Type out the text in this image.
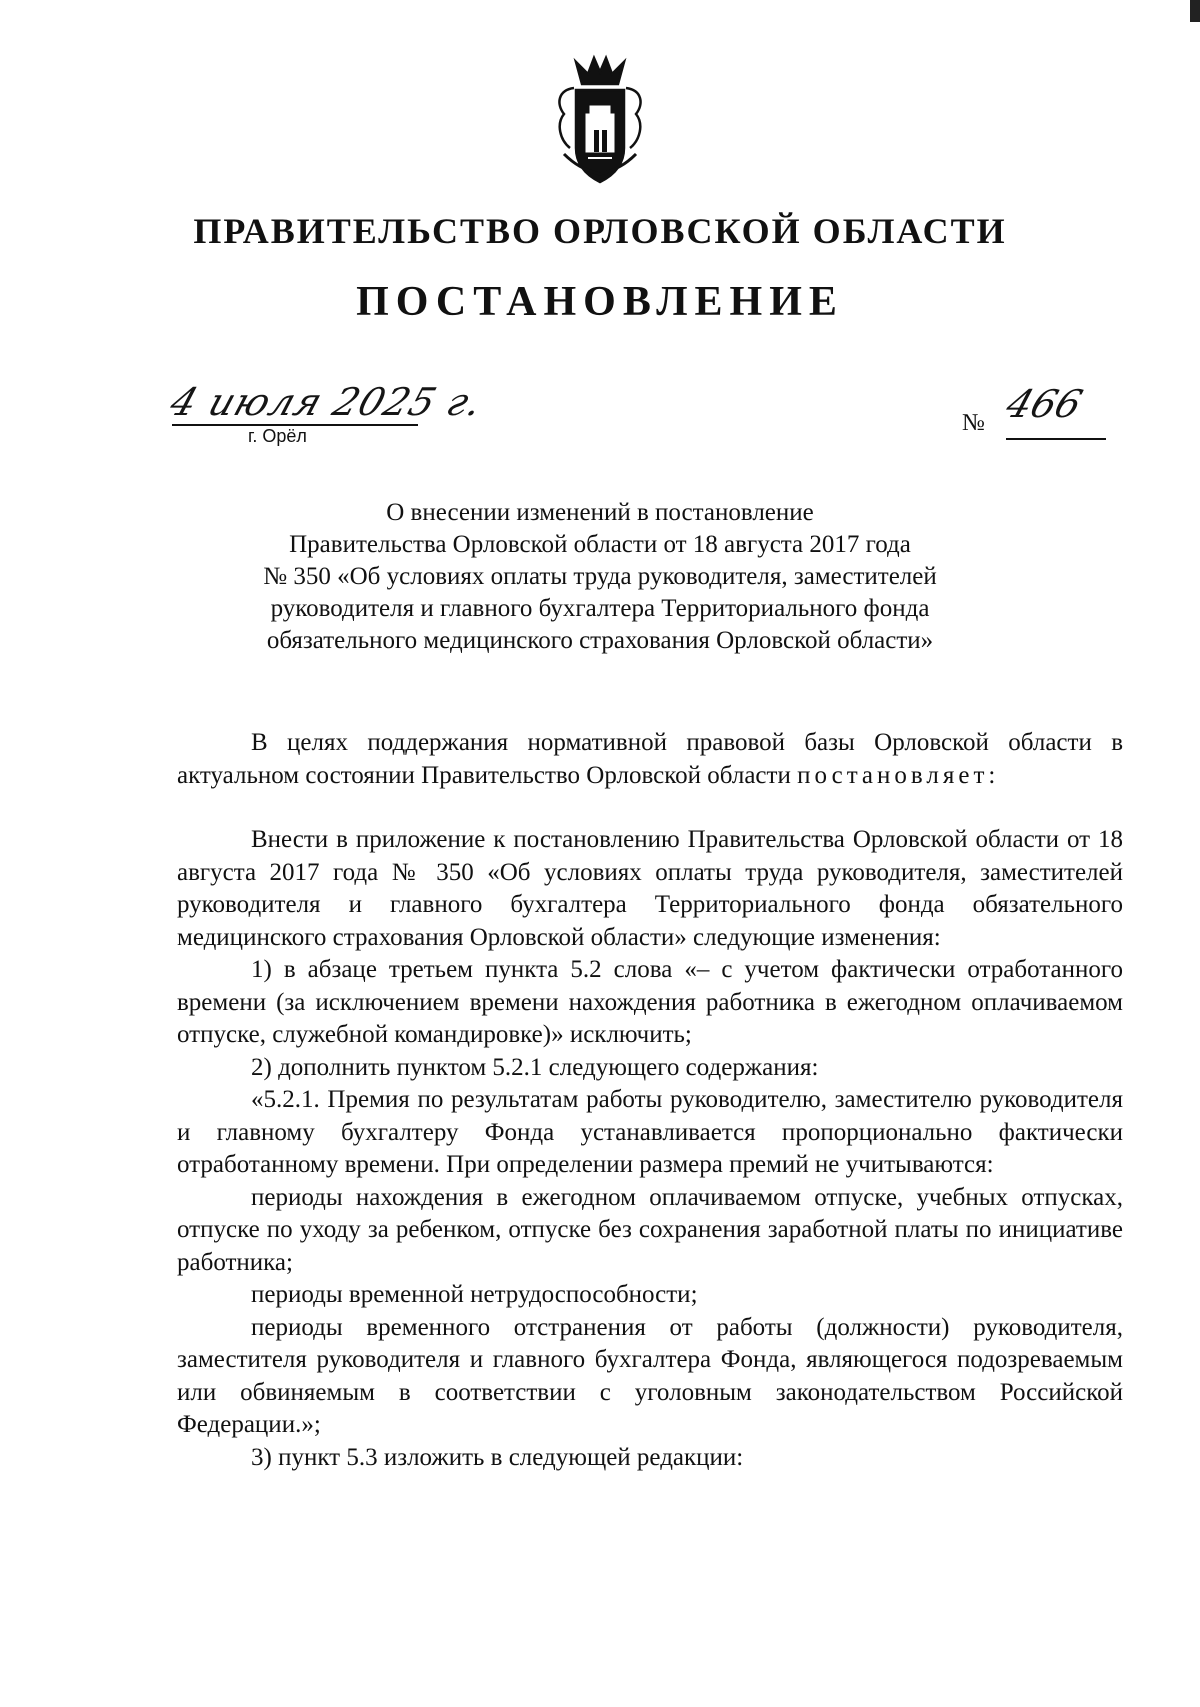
ПРАВИТЕЛЬСТВО ОРЛОВСКОЙ ОБЛАСТИ
ПОСТАНОВЛЕНИЕ
4 июля 2025 г.
г. Орёл	№ 466
О внесении изменений в постановление
Правительства Орловской области от 18 августа 2017 года
№ 350 «Об условиях оплаты труда руководителя, заместителей
руководителя и главного бухгалтера Территориального фонда
обязательного медицинского страхования Орловской области»

В целях поддержания нормативной правовой базы Орловской области в актуальном состоянии Правительство Орловской области постановляет:

Внести в приложение к постановлению Правительства Орловской области от 18 августа 2017 года № 350 «Об условиях оплаты труда руководителя, заместителей руководителя и главного бухгалтера Территориального фонда обязательного медицинского страхования Орловской области» следующие изменения:

1) в абзаце третьем пункта 5.2 слова «– с учетом фактически отработанного времени (за исключением времени нахождения работника в ежегодном оплачиваемом отпуске, служебной командировке)» исключить;

2) дополнить пунктом 5.2.1 следующего содержания:

«5.2.1. Премия по результатам работы руководителю, заместителю руководителя и главному бухгалтеру Фонда устанавливается пропорционально фактически отработанному времени. При определении размера премий не учитываются:

периоды нахождения в ежегодном оплачиваемом отпуске, учебных отпусках, отпуске по уходу за ребенком, отпуске без сохранения заработной платы по инициативе работника;

периоды временной нетрудоспособности;

периоды временного отстранения от работы (должности) руководителя, заместителя руководителя и главного бухгалтера Фонда, являющегося подозреваемым или обвиняемым в соответствии с уголовным законодательством Российской Федерации.»;

3) пункт 5.3 изложить в следующей редакции:
